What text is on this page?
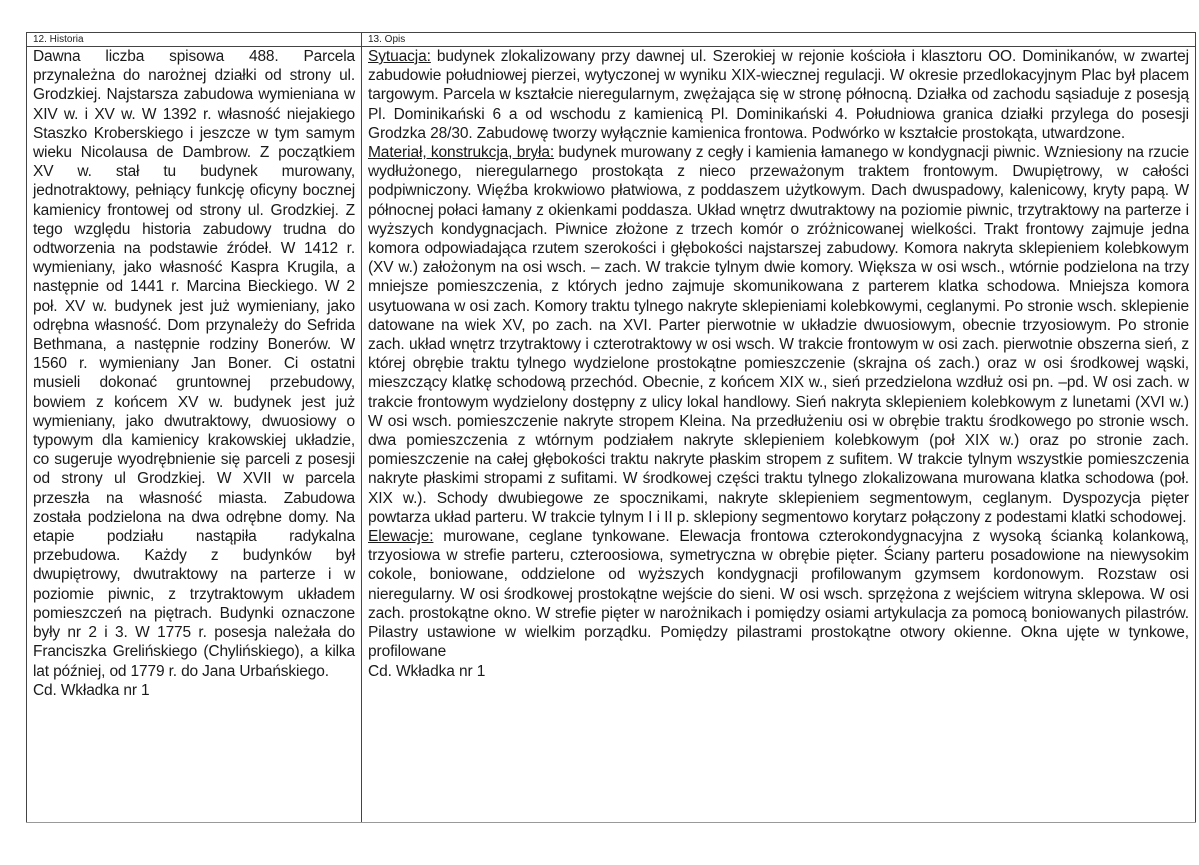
12. Historia

Dawna liczba spisowa 488. Parcela przynależna do narożnej działki od strony ul. Grodzkiej. Najstarsza zabudowa wymieniana w XIV w. i XV w. W 1392 r. własność niejakiego Staszko Kroberskiego i jeszcze w tym samym wieku Nicolausa de Dambrow. Z początkiem XV w. stał tu budynek murowany, jednotraktowy, pełniący funkcję oficyny bocznej kamienicy frontowej od strony ul. Grodzkiej. Z tego względu historia zabudowy trudna do odtworzenia na podstawie źródeł. W 1412 r. wymieniany, jako własność Kaspra Krugila, a następnie od 1441 r. Marcina Bieckiego. W 2 poł. XV w. budynek jest już wymieniany, jako odrębna własność. Dom przynależy do Sefrida Bethmana, a następnie rodziny Bonerów. W 1560 r. wymieniany Jan Boner. Ci ostatni musieli dokonać gruntownej przebudowy, bowiem z końcem XV w. budynek jest już wymieniany, jako dwutraktowy, dwuosiowy o typowym dla kamienicy krakowskiej układzie, co sugeruje wyodrębnienie się parceli z posesji od strony ul Grodzkiej. W XVII w parcela przeszła na własność miasta. Zabudowa została podzielona na dwa odrębne domy. Na etapie podziału nastąpiła radykalna przebudowa. Każdy z budynków był dwupiętrowy, dwutraktowy na parterze i w poziomie piwnic, z trzytraktowym układem pomieszczeń na piętrach. Budynki oznaczone były nr 2 i 3. W 1775 r. posesja należała do Franciszka Grelińskiego (Chylińskiego), a kilka lat później, od 1779 r. do Jana Urbańskiego.

Cd. Wkładka nr 1

13. Opis

Sytuacja: budynek zlokalizowany przy dawnej ul. Szerokiej w rejonie kościoła i klasztoru OO. Dominikanów, w zwartej zabudowie południowej pierzei, wytyczonej w wyniku XIX-wiecznej regulacji. W okresie przedlokacyjnym Plac był placem targowym. Parcela w kształcie nieregularnym, zwężająca się w stronę północną. Działka od zachodu sąsiaduje z posesją Pl. Dominikański 6 a od wschodu z kamienicą Pl. Dominikański 4. Południowa granica działki przylega do posesji Grodzka 28/30. Zabudowę tworzy wyłącznie kamienica frontowa. Podwórko w kształcie prostokąta, utwardzone.

Materiał, konstrukcja, bryła: budynek murowany z cegły i kamienia łamanego w kondygnacji piwnic. Wzniesiony na rzucie wydłużonego, nieregularnego prostokąta z nieco przeważonym traktem frontowym. Dwupiętrowy, w całości podpiwniczony. Więźba krokwiowo płatwiowa, z poddaszem użytkowym. Dach dwuspadowy, kalenicowy, kryty papą. W północnej połaci łamany z okienkami poddasza. Układ wnętrz dwutraktowy na poziomie piwnic, trzytraktowy na parterze i wyższych kondygnacjach. Piwnice złożone z trzech komór o zróżnicowanej wielkości. Trakt frontowy zajmuje jedna komora odpowiadająca rzutem szerokości i głębokości najstarszej zabudowy. Komora nakryta sklepieniem kolebkowym (XV w.) założonym na osi wsch. – zach. W trakcie tylnym dwie komory. Większa w osi wsch., wtórnie podzielona na trzy mniejsze pomieszczenia, z których jedno zajmuje skomunikowana z parterem klatka schodowa. Mniejsza komora usytuowana w osi zach. Komory traktu tylnego nakryte sklepieniami kolebkowymi, ceglanymi. Po stronie wsch. sklepienie datowane na wiek XV, po zach. na XVI. Parter pierwotnie w układzie dwuosiowym, obecnie trzyosiowym. Po stronie zach. układ wnętrz trzytraktowy i czterotraktowy w osi wsch. W trakcie frontowym w osi zach. pierwotnie obszerna sień, z której obrębie traktu tylnego wydzielone prostokątne pomieszczenie (skrajna oś zach.) oraz w osi środkowej wąski, mieszczący klatkę schodową przechód. Obecnie, z końcem XIX w., sień przedzielona wzdłuż osi pn. –pd. W osi zach. w trakcie frontowym wydzielony dostępny z ulicy lokal handlowy. Sień nakryta sklepieniem kolebkowym z lunetami (XVI w.) W osi wsch. pomieszczenie nakryte stropem Kleina. Na przedłużeniu osi w obrębie traktu środkowego po stronie wsch. dwa pomieszczenia z wtórnym podziałem nakryte sklepieniem kolebkowym (poł XIX w.) oraz po stronie zach. pomieszczenie na całej głębokości traktu nakryte płaskim stropem z sufitem. W trakcie tylnym wszystkie pomieszczenia nakryte płaskimi stropami z sufitami. W środkowej części traktu tylnego zlokalizowana murowana klatka schodowa (poł. XIX w.). Schody dwubiegowe ze spocznikami, nakryte sklepieniem segmentowym, ceglanym. Dyspozycja pięter powtarza układ parteru. W trakcie tylnym I i II p. sklepiony segmentowo korytarz połączony z podestami klatki schodowej.

Elewacje: murowane, ceglane tynkowane. Elewacja frontowa czterokondygnacyjna z wysoką ścianką kolankową, trzyosiowa w strefie parteru, czteroosiowa, symetryczna w obrębie pięter. Ściany parteru posadowione na niewysokim cokole, boniowane, oddzielone od wyższych kondygnacji profilowanym gzymsem kordonowym. Rozstaw osi nieregularny. W osi środkowej prostokątne wejście do sieni. W osi wsch. sprzężona z wejściem witryna sklepowa. W osi zach. prostokątne okno. W strefie pięter w narożnikach i pomiędzy osiami artykulacja za pomocą boniowanych pilastrów. Pilastry ustawione w wielkim porządku. Pomiędzy pilastrami prostokątne otwory okienne. Okna ujęte w tynkowe, profilowane

Cd. Wkładka nr 1
